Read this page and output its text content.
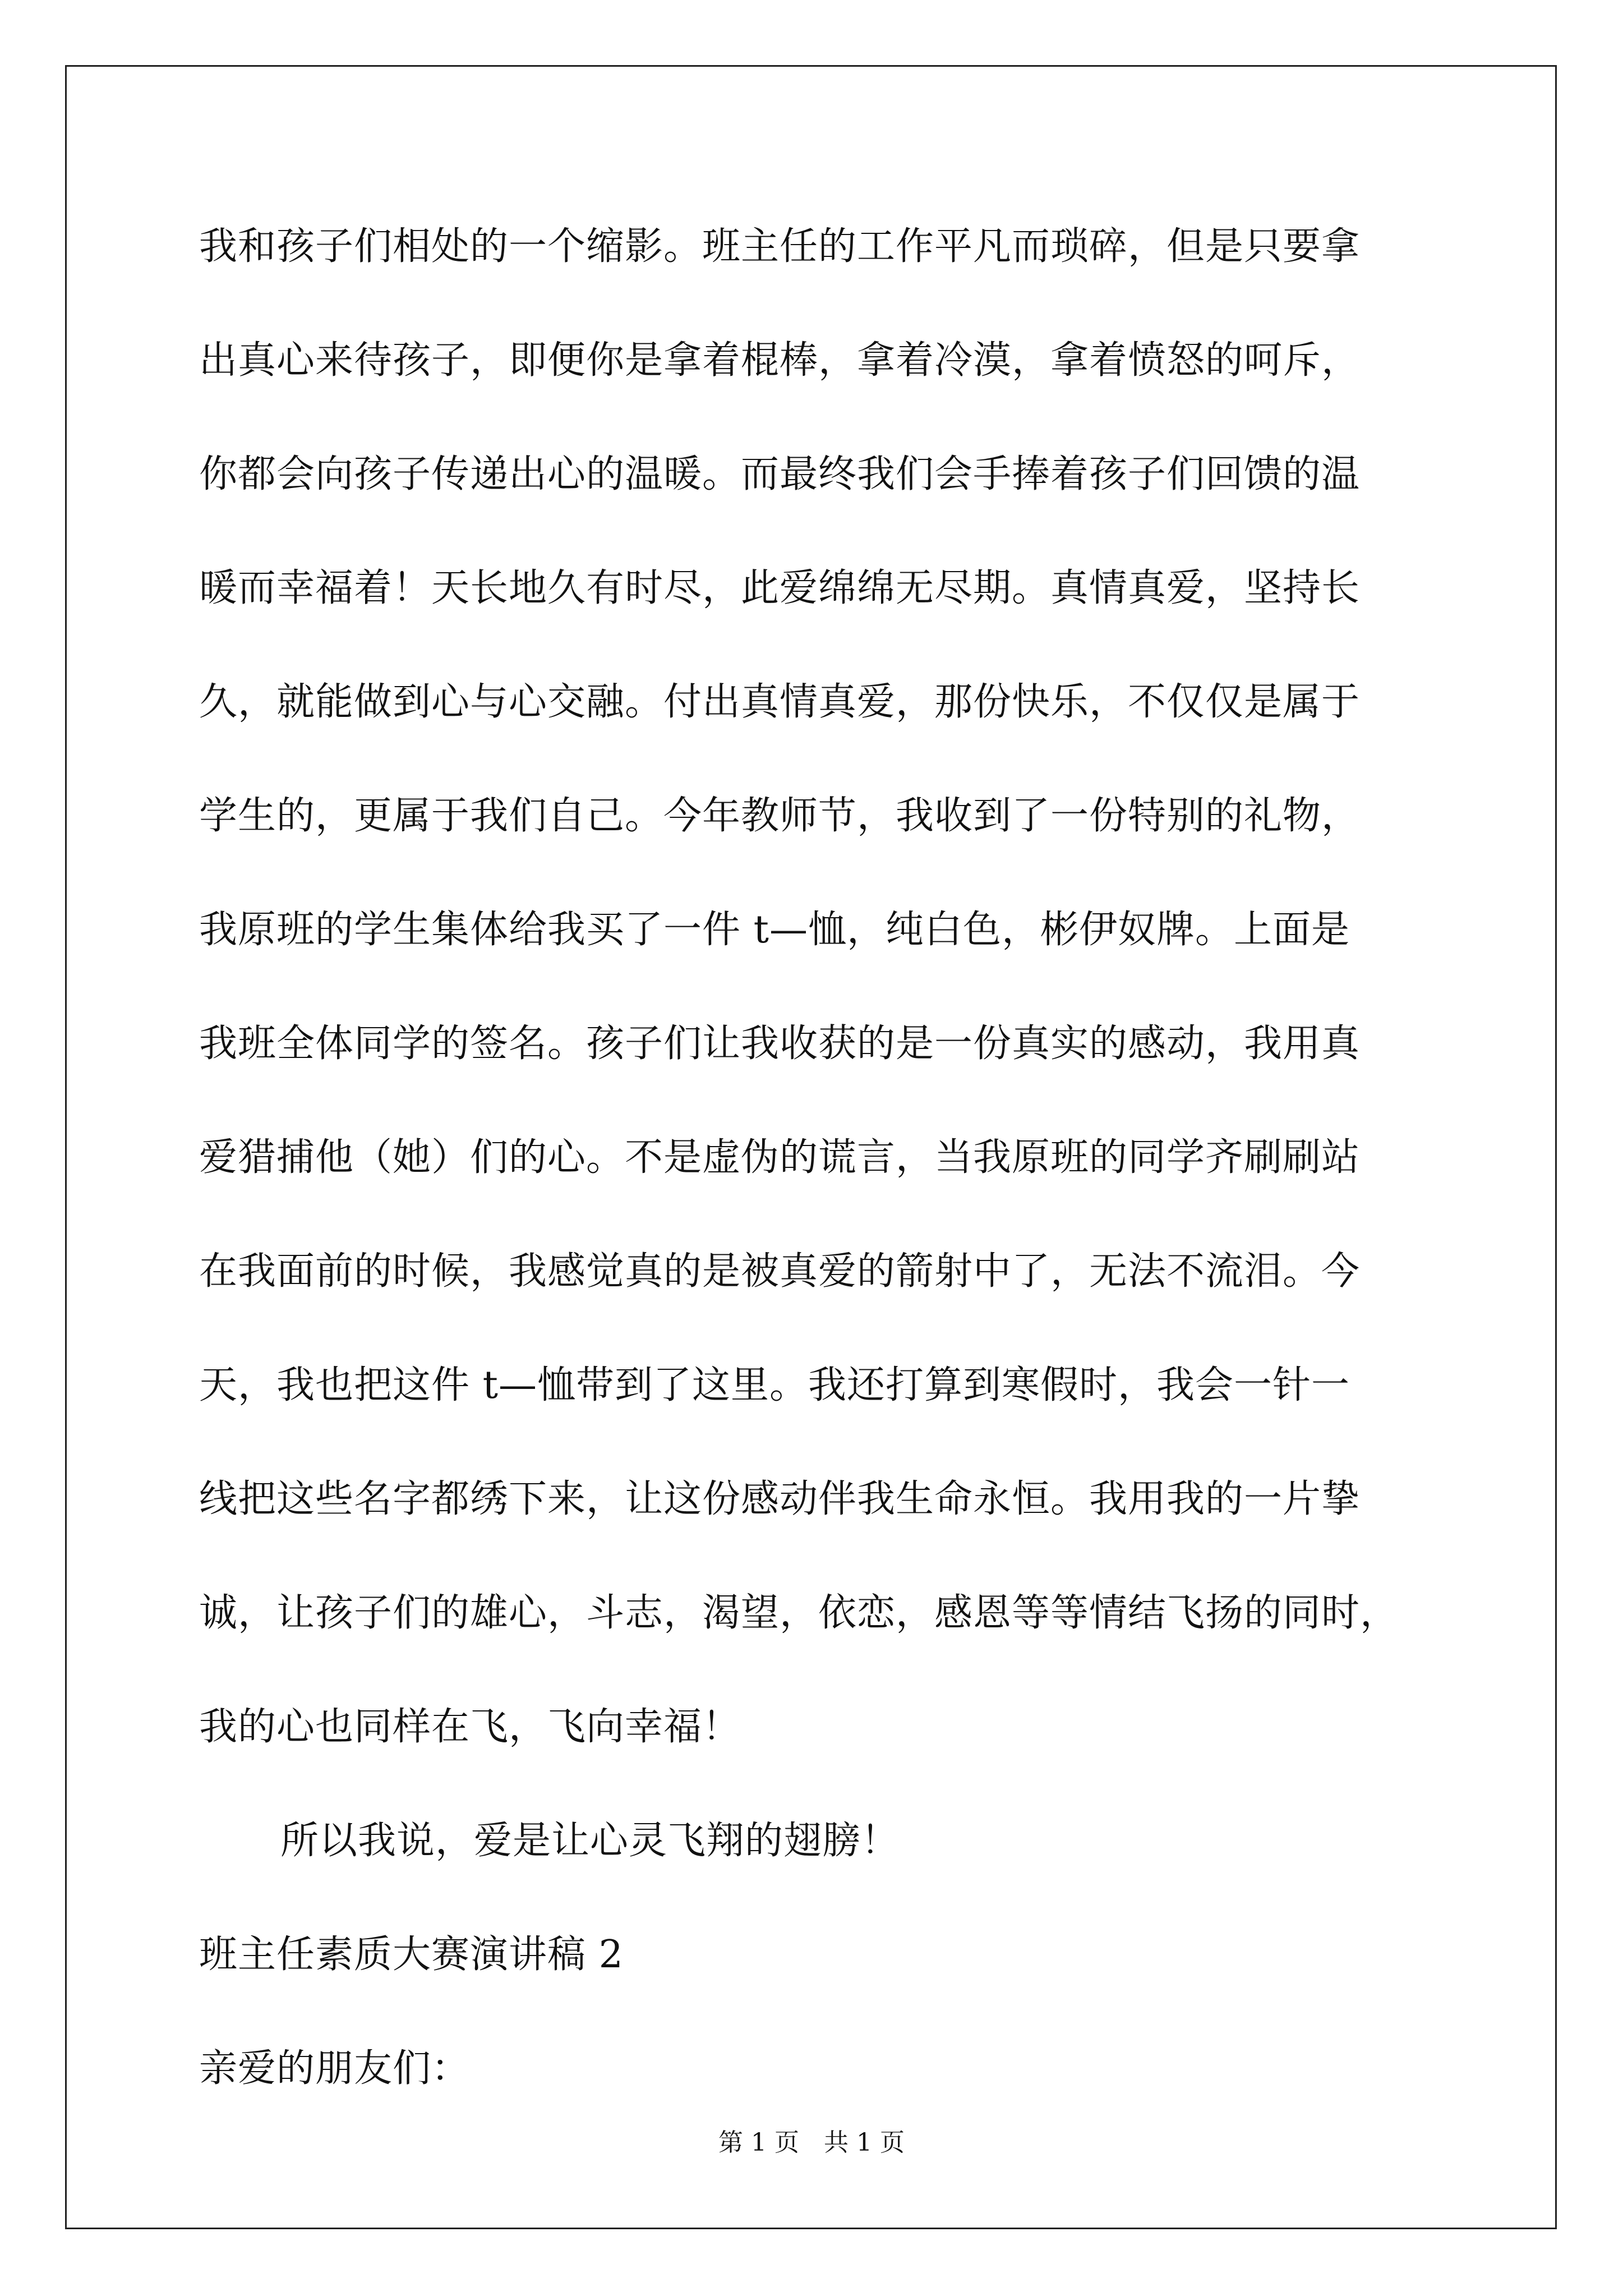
我和孩子们相处的一个缩影。班主任的工作平凡而琐碎，但是只要拿
出真心来待孩子，即便你是拿着棍棒，拿着冷漠，拿着愤怒的呵斥，
你都会向孩子传递出心的温暖。而最终我们会手捧着孩子们回馈的温
暖而幸福着！天长地久有时尽，此爱绵绵无尽期。真情真爱，坚持长
久，就能做到心与心交融。付出真情真爱，那份快乐，不仅仅是属于
学生的，更属于我们自己。今年教师节，我收到了一份特别的礼物，
我原班的学生集体给我买了一件 t—恤，纯白色，彬伊奴牌。上面是
我班全体同学的签名。孩子们让我收获的是一份真实的感动，我用真
爱猎捕他（她）们的心。不是虚伪的谎言，当我原班的同学齐刷刷站
在我面前的时候，我感觉真的是被真爱的箭射中了，无法不流泪。今
天，我也把这件 t—恤带到了这里。我还打算到寒假时，我会一针一
线把这些名字都绣下来，让这份感动伴我生命永恒。我用我的一片挚
诚，让孩子们的雄心，斗志，渴望，依恋，感恩等等情结飞扬的同时，
我的心也同样在飞，飞向幸福！
所以我说，爱是让心灵飞翔的翅膀！
班主任素质大赛演讲稿 2
亲爱的朋友们：
第 1 页　共 1 页
